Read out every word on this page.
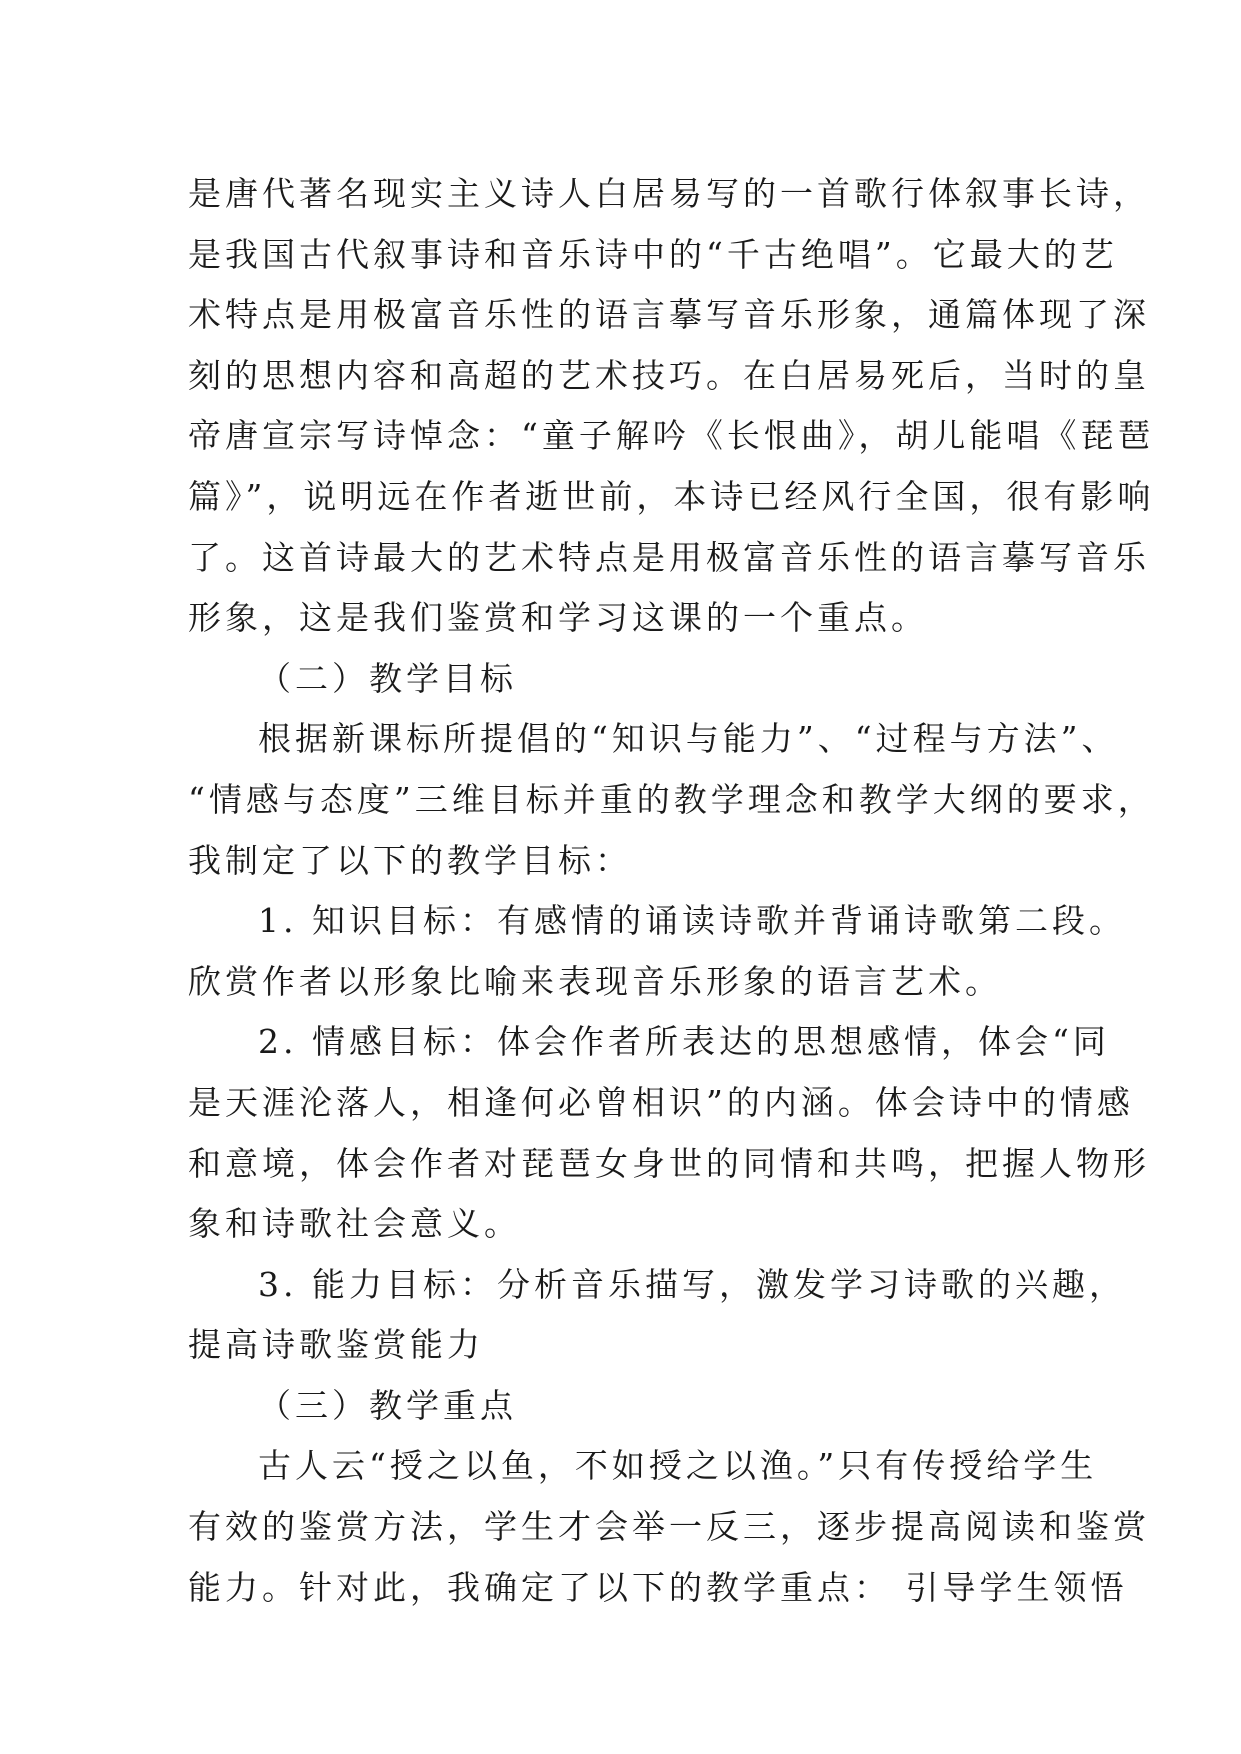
是唐代著名现实主义诗人白居易写的一首歌行体叙事长诗，
是我国古代叙事诗和音乐诗中的“千古绝唱”。它最大的艺
术特点是用极富音乐性的语言摹写音乐形象，通篇体现了深
刻的思想内容和高超的艺术技巧。在白居易死后，当时的皇
帝唐宣宗写诗悼念：“童子解吟《长恨曲》，胡儿能唱《琵琶
篇》”，说明远在作者逝世前，本诗已经风行全国，很有影响
了。这首诗最大的艺术特点是用极富音乐性的语言摹写音乐
形象，这是我们鉴赏和学习这课的一个重点。
（二）教学目标
根据新课标所提倡的“知识与能力”、“过程与方法”、
“情感与态度”三维目标并重的教学理念和教学大纲的要求，
我制定了以下的教学目标：
1. 知识目标：有感情的诵读诗歌并背诵诗歌第二段。
欣赏作者以形象比喻来表现音乐形象的语言艺术。
2. 情感目标：体会作者所表达的思想感情，体会“同
是天涯沦落人，相逢何必曾相识”的内涵。体会诗中的情感
和意境，体会作者对琵琶女身世的同情和共鸣，把握人物形
象和诗歌社会意义。
3. 能力目标：分析音乐描写，激发学习诗歌的兴趣，
提高诗歌鉴赏能力
（三）教学重点
古人云“授之以鱼，不如授之以渔。”只有传授给学生
有效的鉴赏方法，学生才会举一反三，逐步提高阅读和鉴赏
能力。针对此，我确定了以下的教学重点： 引导学生领悟
